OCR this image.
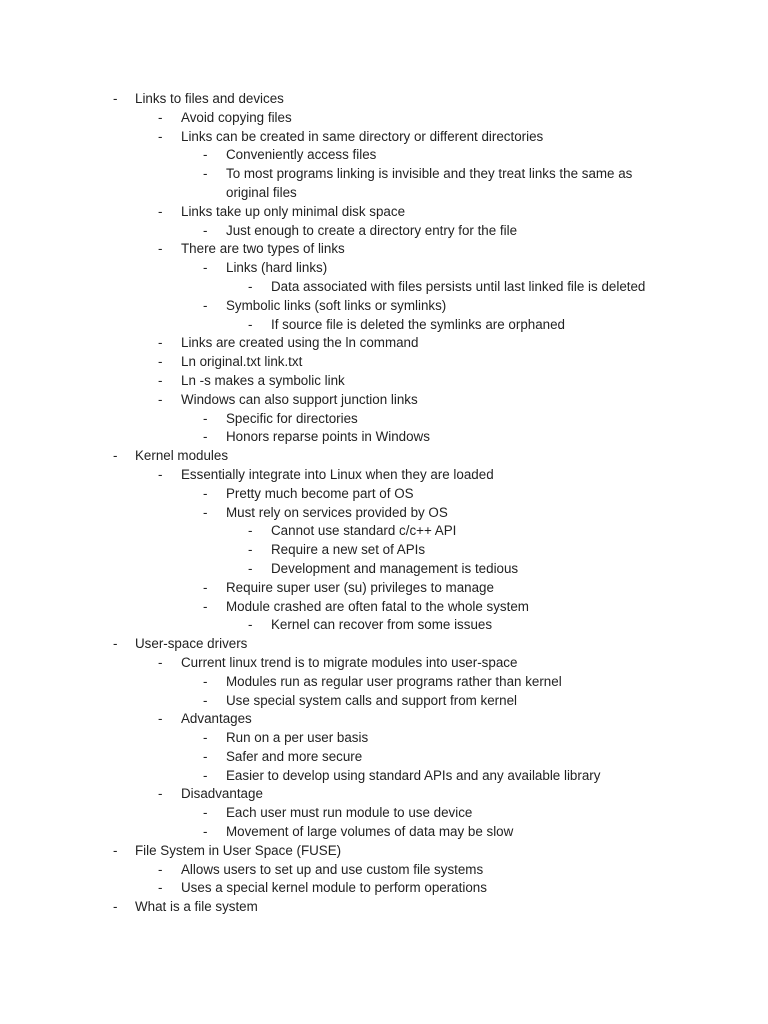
- Links to files and devices
- Avoid copying files
- Links can be created in same directory or different directories
- Conveniently access files
- To most programs linking is invisible and they treat links the same as original files
- Links take up only minimal disk space
- Just enough to create a directory entry for the file
- There are two types of links
- Links (hard links)
- Data associated with files persists until last linked file is deleted
- Symbolic links (soft links or symlinks)
- If source file is deleted the symlinks are orphaned
- Links are created using the ln command
- Ln original.txt link.txt
- Ln -s makes a symbolic link
- Windows can also support junction links
- Specific for directories
- Honors reparse points in Windows
- Kernel modules
- Essentially integrate into Linux when they are loaded
- Pretty much become part of OS
- Must rely on services provided by OS
- Cannot use standard c/c++ API
- Require a new set of APIs
- Development and management is tedious
- Require super user (su) privileges to manage
- Module crashed are often fatal to the whole system
- Kernel can recover from some issues
- User-space drivers
- Current linux trend is to migrate modules into user-space
- Modules run as regular user programs rather than kernel
- Use special system calls and support from kernel
- Advantages
- Run on a per user basis
- Safer and more secure
- Easier to develop using standard APIs and any available library
- Disadvantage
- Each user must run module to use device
- Movement of large volumes of data may be slow
- File System in User Space (FUSE)
- Allows users to set up and use custom file systems
- Uses a special kernel module to perform operations
- What is a file system
